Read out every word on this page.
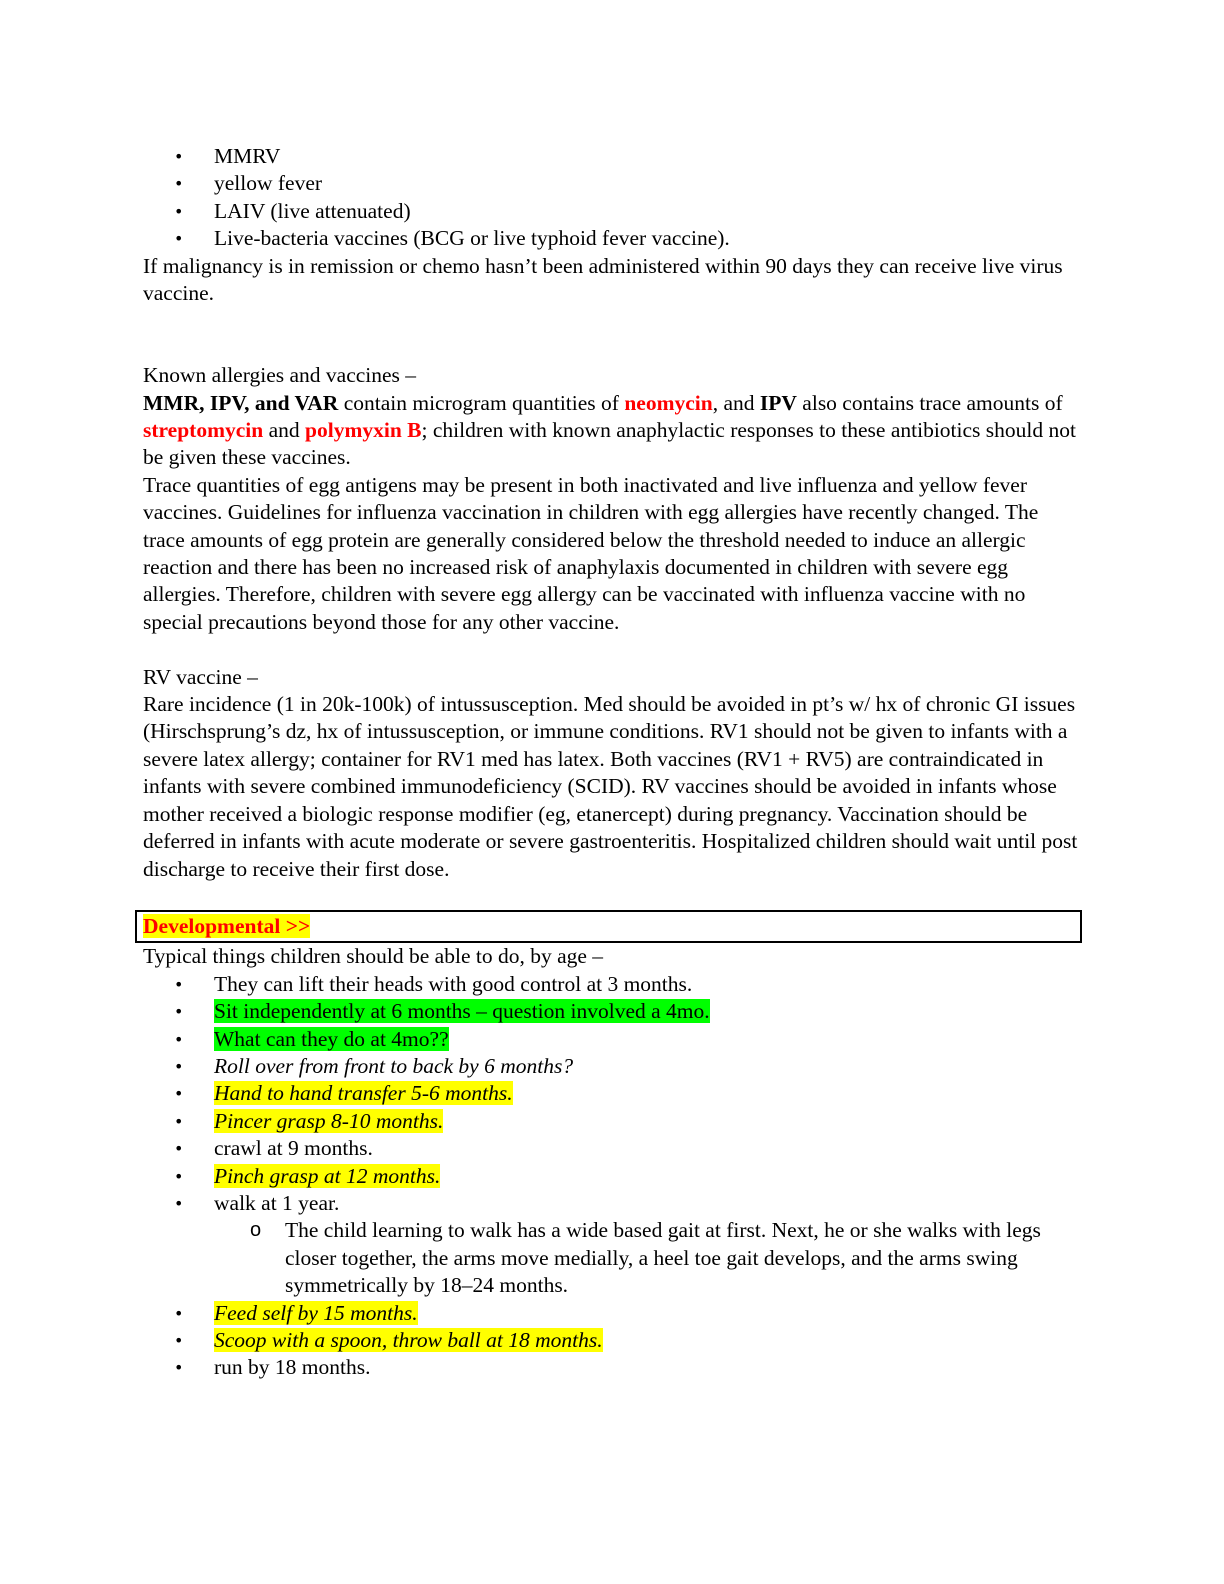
• MMRV
• yellow fever
• LAIV (live attenuated)
• Live-bacteria vaccines (BCG or live typhoid fever vaccine).

If malignancy is in remission or chemo hasn’t been administered within 90 days they can receive live virus vaccine.

Known allergies and vaccines –

MMR, IPV, and VAR contain microgram quantities of neomycin, and IPV also contains trace amounts of streptomycin and polymyxin B; children with known anaphylactic responses to these antibiotics should not be given these vaccines.

Trace quantities of egg antigens may be present in both inactivated and live influenza and yellow fever vaccines. Guidelines for influenza vaccination in children with egg allergies have recently changed. The trace amounts of egg protein are generally considered below the threshold needed to induce an allergic reaction and there has been no increased risk of anaphylaxis documented in children with severe egg allergies. Therefore, children with severe egg allergy can be vaccinated with influenza vaccine with no special precautions beyond those for any other vaccine.

RV vaccine –

Rare incidence (1 in 20k-100k) of intussusception. Med should be avoided in pt’s w/ hx of chronic GI issues (Hirschsprung’s dz, hx of intussusception, or immune conditions. RV1 should not be given to infants with a severe latex allergy; container for RV1 med has latex. Both vaccines (RV1 + RV5) are contraindicated in infants with severe combined immunodeficiency (SCID). RV vaccines should be avoided in infants whose mother received a biologic response modifier (eg, etanercept) during pregnancy. Vaccination should be deferred in infants with acute moderate or severe gastroenteritis. Hospitalized children should wait until post discharge to receive their first dose.

Developmental >>

Typical things children should be able to do, by age –

• They can lift their heads with good control at 3 months.
• Sit independently at 6 months – question involved a 4mo.
• What can they do at 4mo??
• Roll over from front to back by 6 months?
• Hand to hand transfer 5-6 months.
• Pincer grasp 8-10 months.
• crawl at 9 months.
• Pinch grasp at 12 months.
• walk at 1 year.
o The child learning to walk has a wide based gait at first. Next, he or she walks with legs closer together, the arms move medially, a heel toe gait develops, and the arms swing symmetrically by 18–24 months.
• Feed self by 15 months.
• Scoop with a spoon, throw ball at 18 months.
• run by 18 months.
